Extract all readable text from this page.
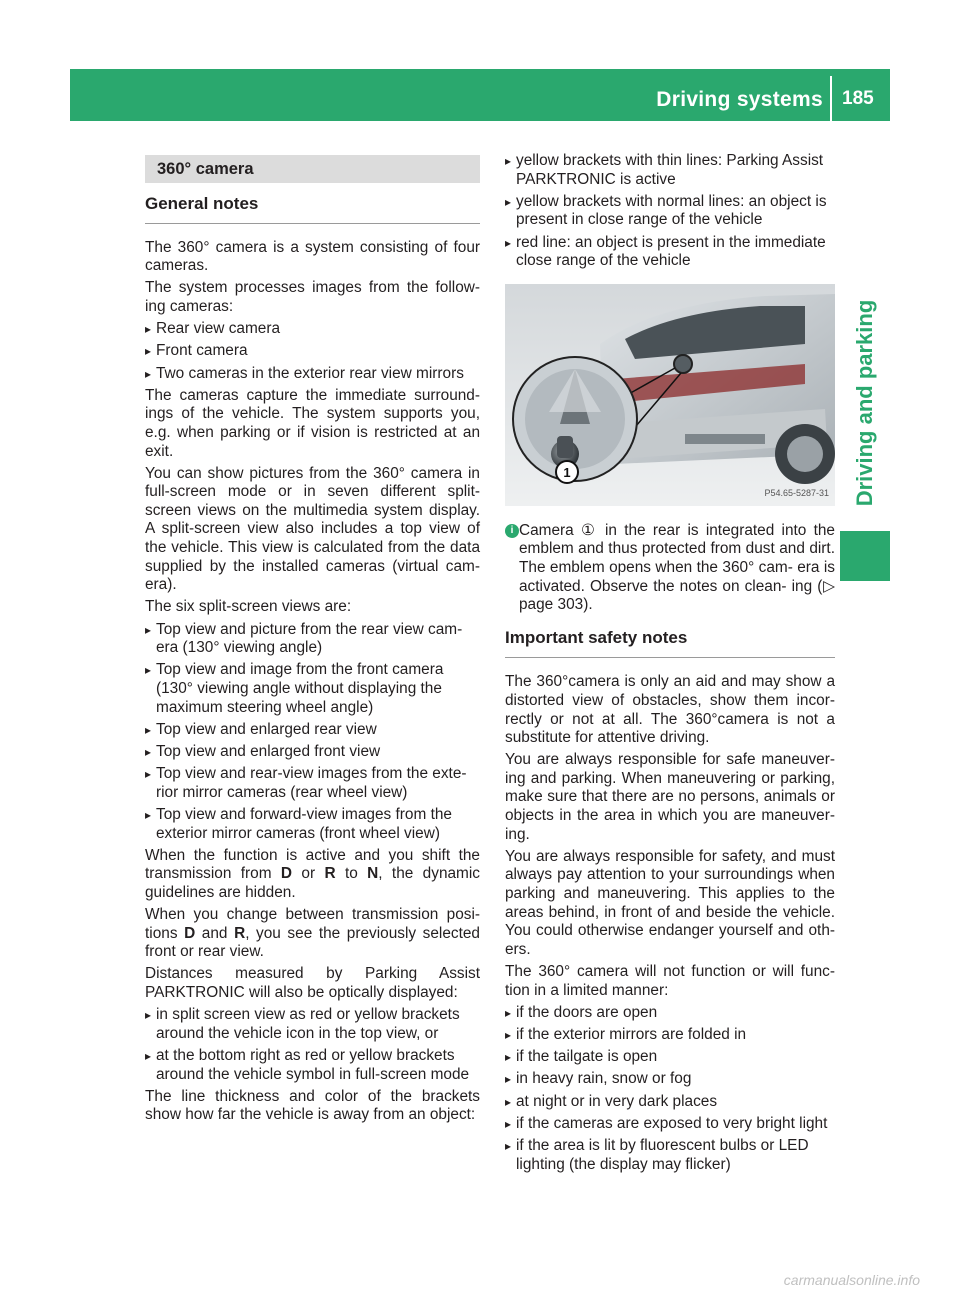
Driving systems 185
Driving and parking
360° camera
General notes

The 360° camera is a system consisting of four cameras.

The system processes images from the follow- ing cameras:

▸ Rear view camera
▸ Front camera
▸ Two cameras in the exterior rear view mirrors

The cameras capture the immediate surround- ings of the vehicle. The system supports you, e.g. when parking or if vision is restricted at an exit.

You can show pictures from the 360° camera in full-screen mode or in seven different split- screen views on the multimedia system display. A split-screen view also includes a top view of the vehicle. This view is calculated from the data supplied by the installed cameras (virtual cam- era).

The six split-screen views are:

▸ Top view and picture from the rear view cam- era (130° viewing angle)
▸ Top view and image from the front camera (130° viewing angle without displaying the maximum steering wheel angle)
▸ Top view and enlarged rear view
▸ Top view and enlarged front view
▸ Top view and rear-view images from the exte- rior mirror cameras (rear wheel view)
▸ Top view and forward-view images from the exterior mirror cameras (front wheel view)

When the function is active and you shift the transmission from D or R to N, the dynamic guidelines are hidden.

When you change between transmission posi- tions D and R, you see the previously selected front or rear view.

Distances measured by Parking Assist PARKTRONIC will also be optically displayed:

▸ in split screen view as red or yellow brackets around the vehicle icon in the top view, or
▸ at the bottom right as red or yellow brackets around the vehicle symbol in full-screen mode

The line thickness and color of the brackets show how far the vehicle is away from an object:

▸ yellow brackets with thin lines: Parking Assist PARKTRONIC is active
▸ yellow brackets with normal lines: an object is present in close range of the vehicle
▸ red line: an object is present in the immediate close range of the vehicle
1
P54.65-5287-31
i Camera ① in the rear is integrated into the emblem and thus protected from dust and dirt. The emblem opens when the 360° cam- era is activated. Observe the notes on clean- ing (▷ page 303).
Important safety notes

The 360°camera is only an aid and may show a distorted view of obstacles, show them incor- rectly or not at all. The 360°camera is not a substitute for attentive driving.

You are always responsible for safe maneuver- ing and parking. When maneuvering or parking, make sure that there are no persons, animals or objects in the area in which you are maneuver- ing.

You are always responsible for safety, and must always pay attention to your surroundings when parking and maneuvering. This applies to the areas behind, in front of and beside the vehicle. You could otherwise endanger yourself and oth- ers.

The 360° camera will not function or will func- tion in a limited manner:

▸ if the doors are open
▸ if the exterior mirrors are folded in
▸ if the tailgate is open
▸ in heavy rain, snow or fog
▸ at night or in very dark places
▸ if the cameras are exposed to very bright light
▸ if the area is lit by fluorescent bulbs or LED lighting (the display may flicker)
carmanualsonline.info
